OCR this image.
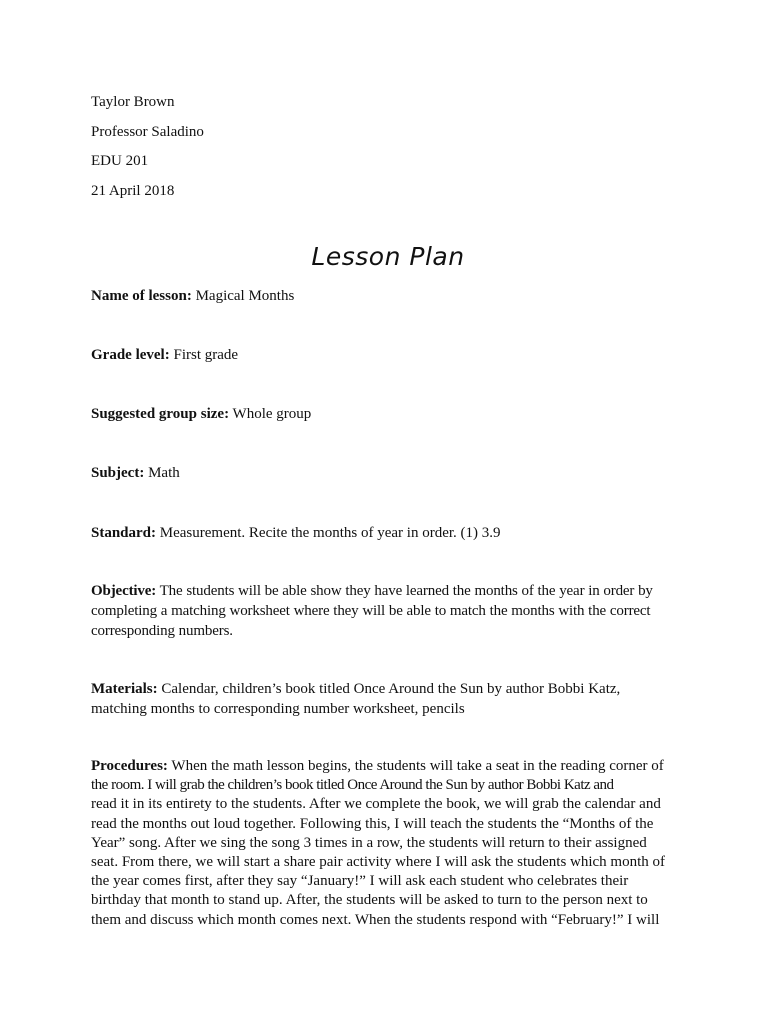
Taylor Brown
Professor Saladino
EDU 201
21 April 2018
Lesson Plan
Name of lesson: Magical Months
Grade level: First grade
Suggested group size: Whole group
Subject: Math
Standard: Measurement. Recite the months of year in order. (1) 3.9
Objective: The students will be able show they have learned the months of the year in order by completing a matching worksheet where they will be able to match the months with the correct corresponding numbers.
Materials: Calendar, children’s book titled Once Around the Sun by author Bobbi Katz, matching months to corresponding number worksheet, pencils
Procedures: When the math lesson begins, the students will take a seat in the reading corner of
the room. I will grab the children’s book titled Once Around the Sun by author Bobbi Katz and
read it in its entirety to the students. After we complete the book, we will grab the calendar and
read the months out loud together. Following this, I will teach the students the “Months of the
Year” song. After we sing the song 3 times in a row, the students will return to their assigned
seat. From there, we will start a share pair activity where I will ask the students which month of
the year comes first, after they say “January!” I will ask each student who celebrates their
birthday that month to stand up. After, the students will be asked to turn to the person next to
them and discuss which month comes next. When the students respond with “February!” I will
